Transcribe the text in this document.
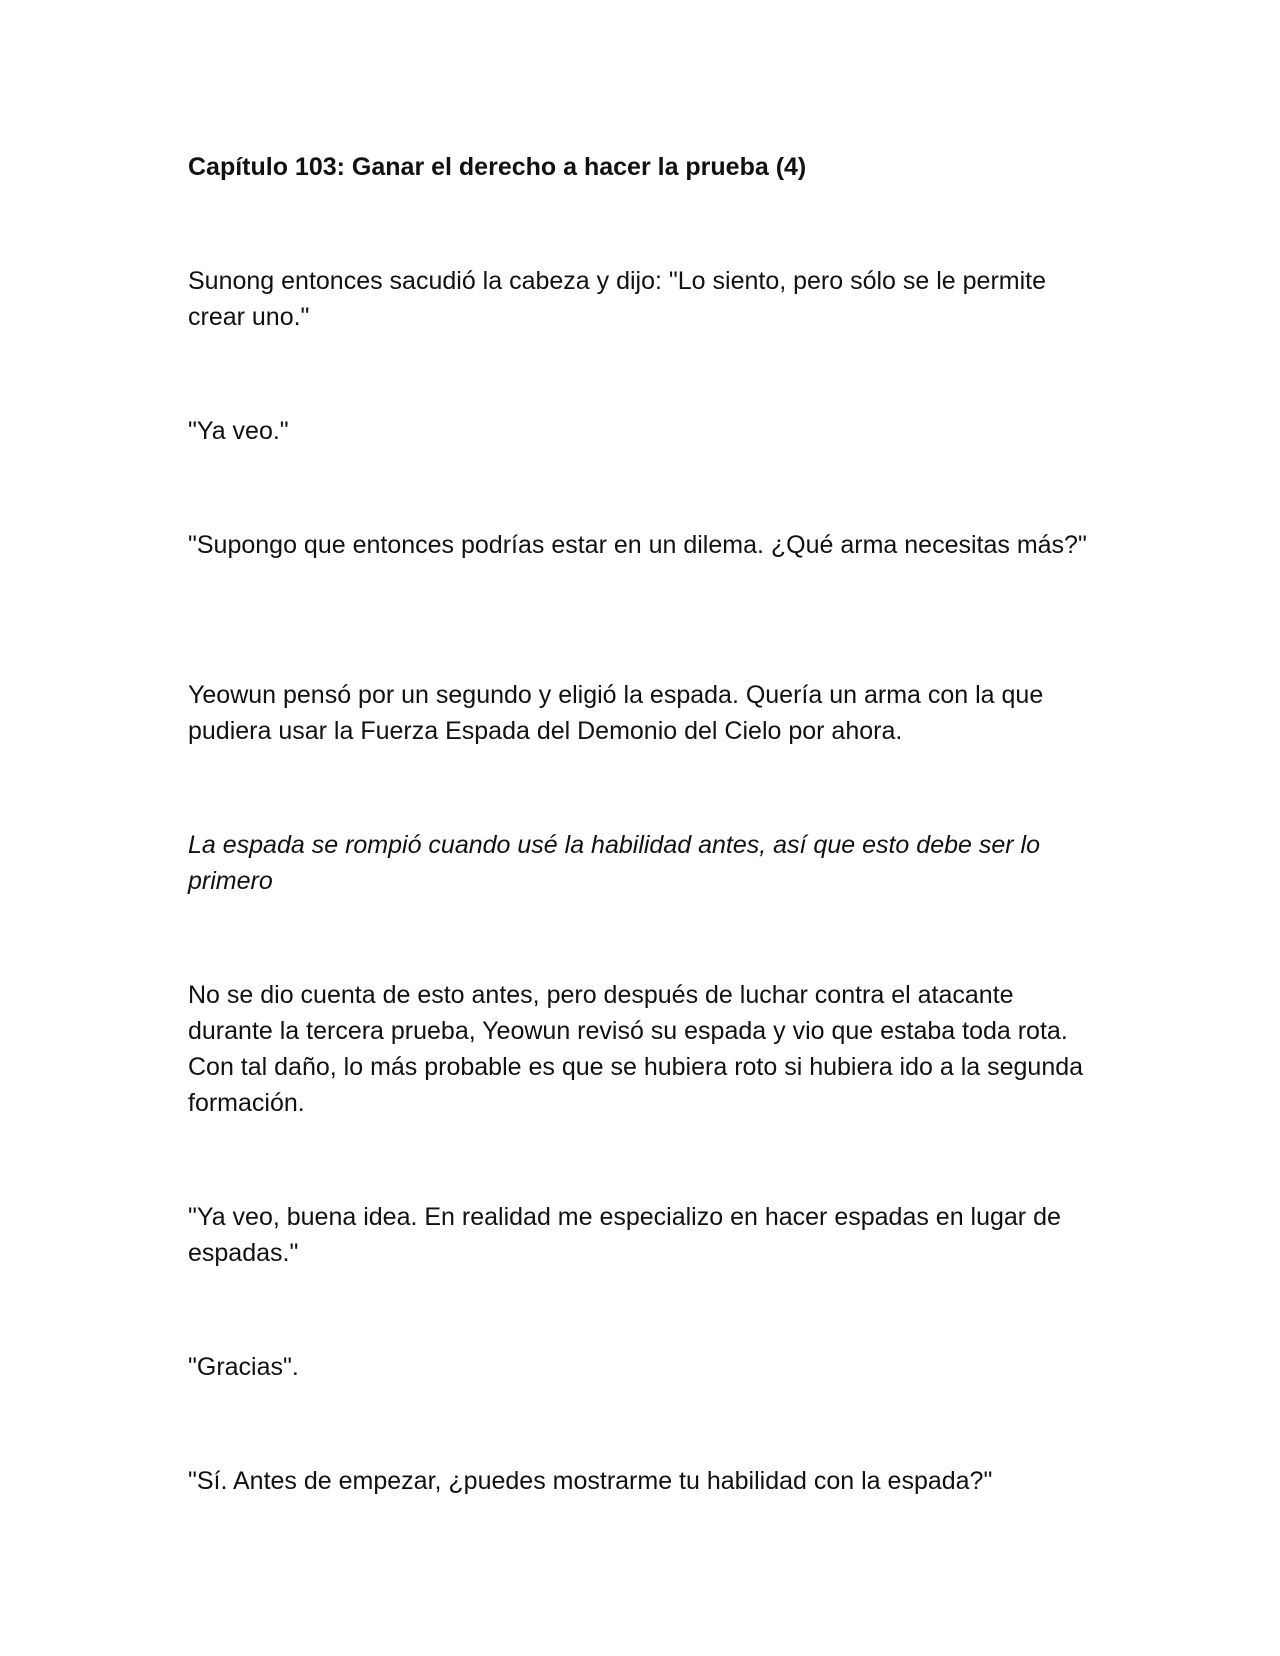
Capítulo 103: Ganar el derecho a hacer la prueba (4)

Sunong entonces sacudió la cabeza y dijo: "Lo siento, pero sólo se le permite crear uno."

"Ya veo."

"Supongo que entonces podrías estar en un dilema. ¿Qué arma necesitas más?"

Yeowun pensó por un segundo y eligió la espada. Quería un arma con la que pudiera usar la Fuerza Espada del Demonio del Cielo por ahora.

La espada se rompió cuando usé la habilidad antes, así que esto debe ser lo primero

No se dio cuenta de esto antes, pero después de luchar contra el atacante durante la tercera prueba, Yeowun revisó su espada y vio que estaba toda rota. Con tal daño, lo más probable es que se hubiera roto si hubiera ido a la segunda formación.

"Ya veo, buena idea. En realidad me especializo en hacer espadas en lugar de espadas."

"Gracias".

"Sí. Antes de empezar, ¿puedes mostrarme tu habilidad con la espada?"
